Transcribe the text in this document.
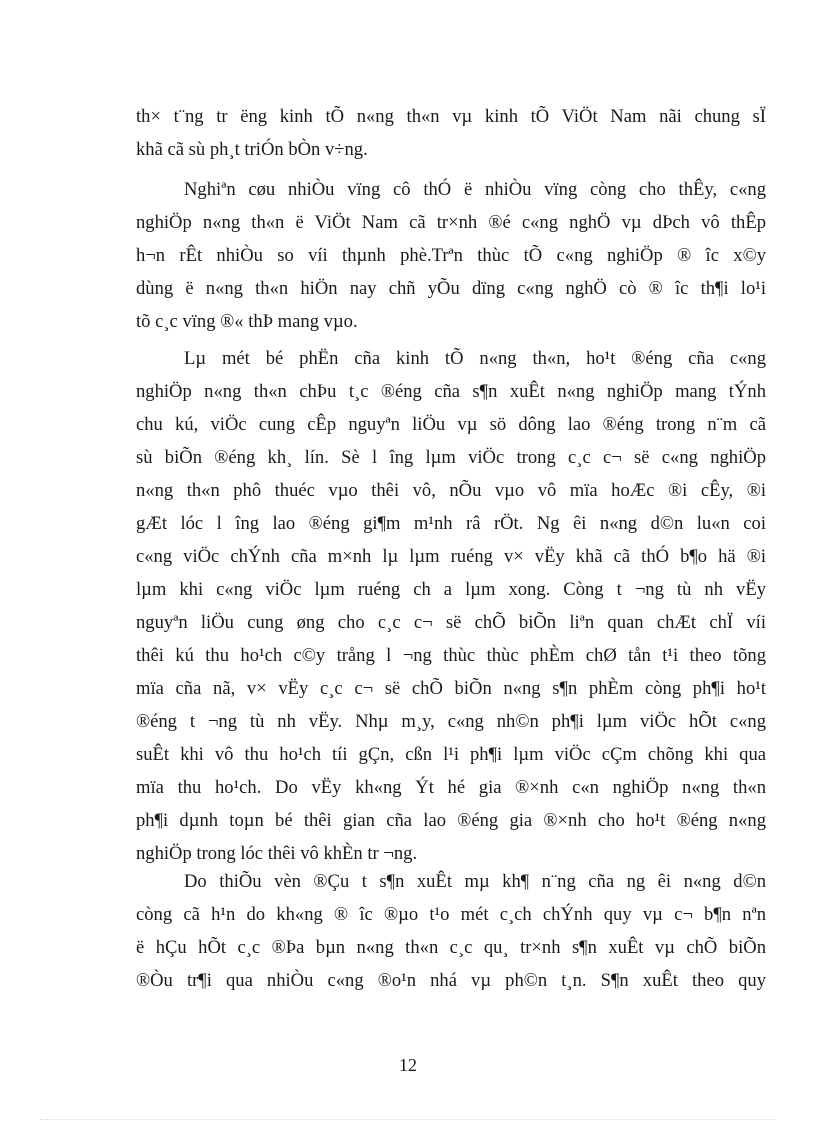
th× t¨ng tr ëng kinh tÕ n«ng th«n vµ kinh tÕ ViÖt Nam nãi chung sÏ
khã cã sù ph¸t triÓn bÒn v÷ng.
Nghiªn cøu nhiÒu vïng cô thÓ ë nhiÒu vïng còng cho thÊy, c«ng
nghiÖp n«ng th«n ë ViÖt Nam cã tr×nh ®é c«ng nghÖ vµ dÞch vô thÊp
h¬n rÊt nhiÒu so víi thµnh phè.Trªn thùc tÕ c«ng nghiÖp ® îc x©y
dùng ë n«ng th«n hiÖn nay chñ yÕu dïng c«ng nghÖ cò ® îc th¶i lo¹i
tõ c¸c vïng ®« thÞ mang vµo.
Lµ mét bé phËn cña kinh tÕ n«ng th«n, ho¹t ®éng cña c«ng
nghiÖp n«ng th«n chÞu t¸c ®éng cña s¶n xuÊt n«ng nghiÖp mang tÝnh
chu kú, viÖc cung cÊp nguyªn liÖu vµ sö dông lao ®éng trong n¨m cã
sù biÕn ®éng kh¸ lín. Sè l îng lµm viÖc trong c¸c c¬ së c«ng nghiÖp
n«ng th«n phô thuéc vµo thêi vô, nÕu vµo vô mïa hoÆc ®i cÊy, ®i
gÆt lóc l îng lao ®éng gi¶m m¹nh râ rÖt. Ng êi n«ng d©n lu«n coi
c«ng viÖc chÝnh cña m×nh lµ lµm ruéng v× vËy khã cã thÓ b¶o hä ®i
lµm khi c«ng viÖc lµm ruéng ch a lµm xong. Còng t ¬ng tù nh vËy
nguyªn liÖu cung øng cho c¸c c¬ së chÕ biÕn liªn quan chÆt chÏ víi
thêi kú thu ho¹ch c©y trång l ¬ng thùc thùc phÈm chØ tån t¹i theo tõng
mïa cña nã, v× vËy c¸c c¬ së chÕ biÕn n«ng s¶n phÈm còng ph¶i ho¹t
®éng t ¬ng tù nh vËy. Nhµ m¸y, c«ng nh©n ph¶i lµm viÖc hÕt c«ng
suÊt khi vô thu ho¹ch tíi gÇn, cßn l¹i ph¶i lµm viÖc cÇm chõng khi qua
mïa thu ho¹ch. Do vËy kh«ng Ýt hé gia ®×nh c«n nghiÖp n«ng th«n
ph¶i dµnh toµn bé thêi gian cña lao ®éng gia ®×nh cho ho¹t ®éng n«ng
nghiÖp trong lóc thêi vô khÈn tr ¬ng.
Do thiÕu vèn ®Çu t s¶n xuÊt mµ kh¶ n¨ng cña ng êi n«ng d©n
còng cã h¹n do kh«ng ® îc ®µo t¹o mét c¸ch chÝnh quy vµ c¬ b¶n nªn
ë hÇu hÕt c¸c ®Þa bµn n«ng th«n c¸c qu¸ tr×nh s¶n xuÊt vµ chÕ biÕn
®Òu tr¶i qua nhiÒu c«ng ®o¹n nhá vµ ph©n t¸n. S¶n xuÊt theo quy
12
